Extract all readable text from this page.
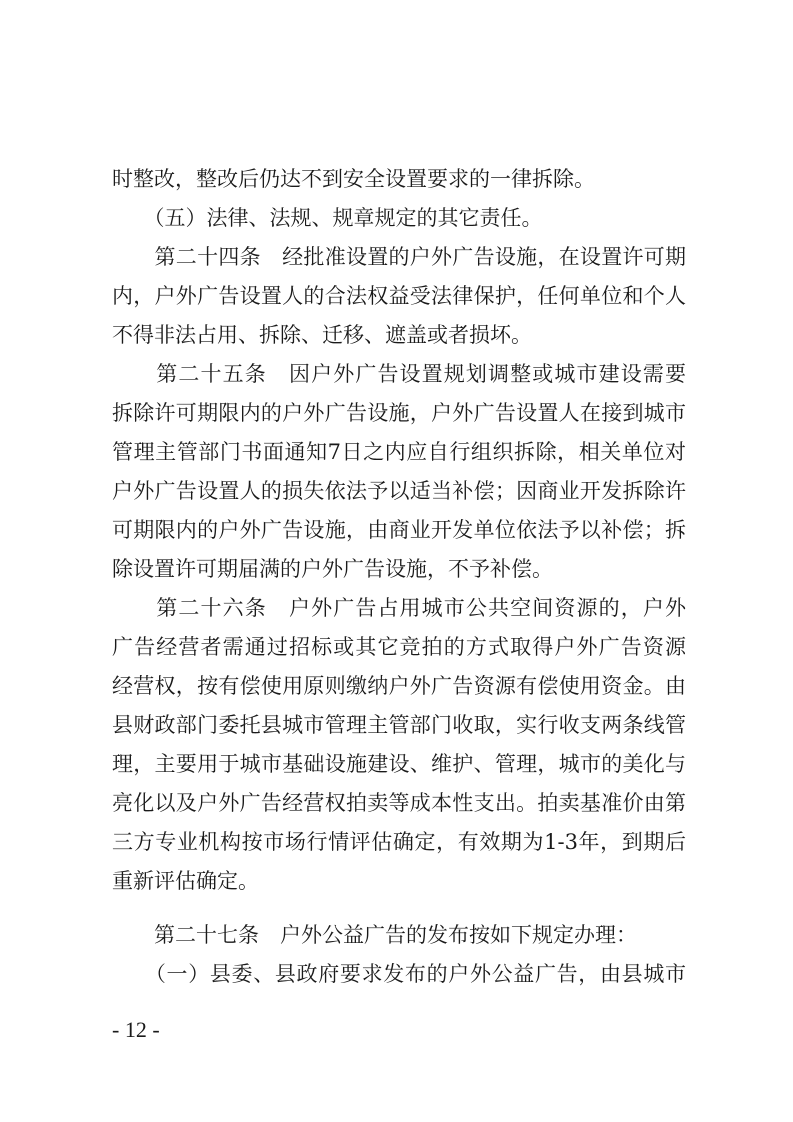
时整改，整改后仍达不到安全设置要求的一律拆除。
　　（五）法律、法规、规章规定的其它责任。
　　第二十四条　经批准设置的户外广告设施，在设置许可期
内，户外广告设置人的合法权益受法律保护，任何单位和个人
不得非法占用、拆除、迁移、遮盖或者损坏。
　　第二十五条　因户外广告设置规划调整或城市建设需要
拆除许可期限内的户外广告设施，户外广告设置人在接到城市
管理主管部门书面通知7日之内应自行组织拆除，相关单位对
户外广告设置人的损失依法予以适当补偿；因商业开发拆除许
可期限内的户外广告设施，由商业开发单位依法予以补偿；拆
除设置许可期届满的户外广告设施，不予补偿。
　　第二十六条　户外广告占用城市公共空间资源的，户外
广告经营者需通过招标或其它竞拍的方式取得户外广告资源
经营权，按有偿使用原则缴纳户外广告资源有偿使用资金。由
县财政部门委托县城市管理主管部门收取，实行收支两条线管
理，主要用于城市基础设施建设、维护、管理，城市的美化与
亮化以及户外广告经营权拍卖等成本性支出。拍卖基准价由第
三方专业机构按市场行情评估确定，有效期为1-3年，到期后
重新评估确定。
　　第二十七条　户外公益广告的发布按如下规定办理：
　　（一）县委、县政府要求发布的户外公益广告，由县城市
- 12 -
